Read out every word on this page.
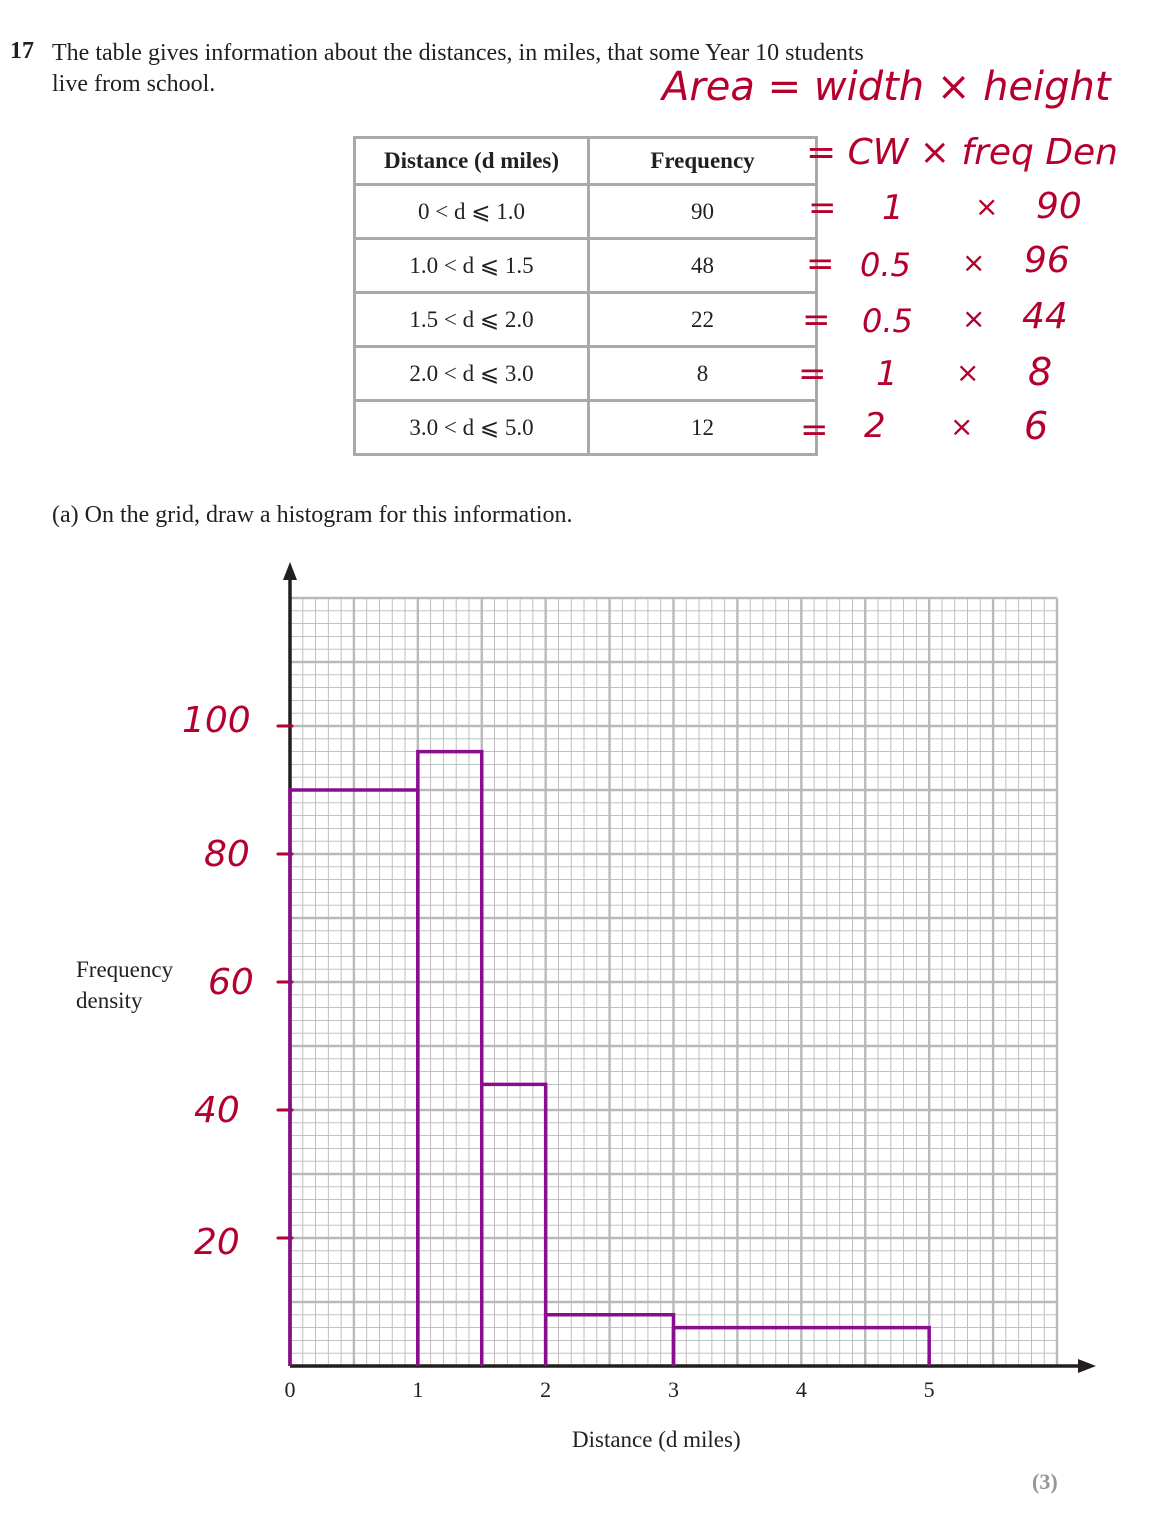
17 The table gives information about the distances, in miles, that some Year 10 students
live from school.
Distance (d miles)	Frequency
0 < d ⩽ 1.0	90
1.0 < d ⩽ 1.5	48
1.5 < d ⩽ 2.0	22
2.0 < d ⩽ 3.0	8
3.0 < d ⩽ 5.0	12
Area = width × height
= CW × freq Den
= 1	× 90
= 0.5 × 96
= 0.5 × 44
= 1 × 8
= 2 × 6
(a) On the grid, draw a histogram for this information.
100
80
60
40
20
Frequency
density
Distance (d miles)
0	1	2	3	4	5
(3)
